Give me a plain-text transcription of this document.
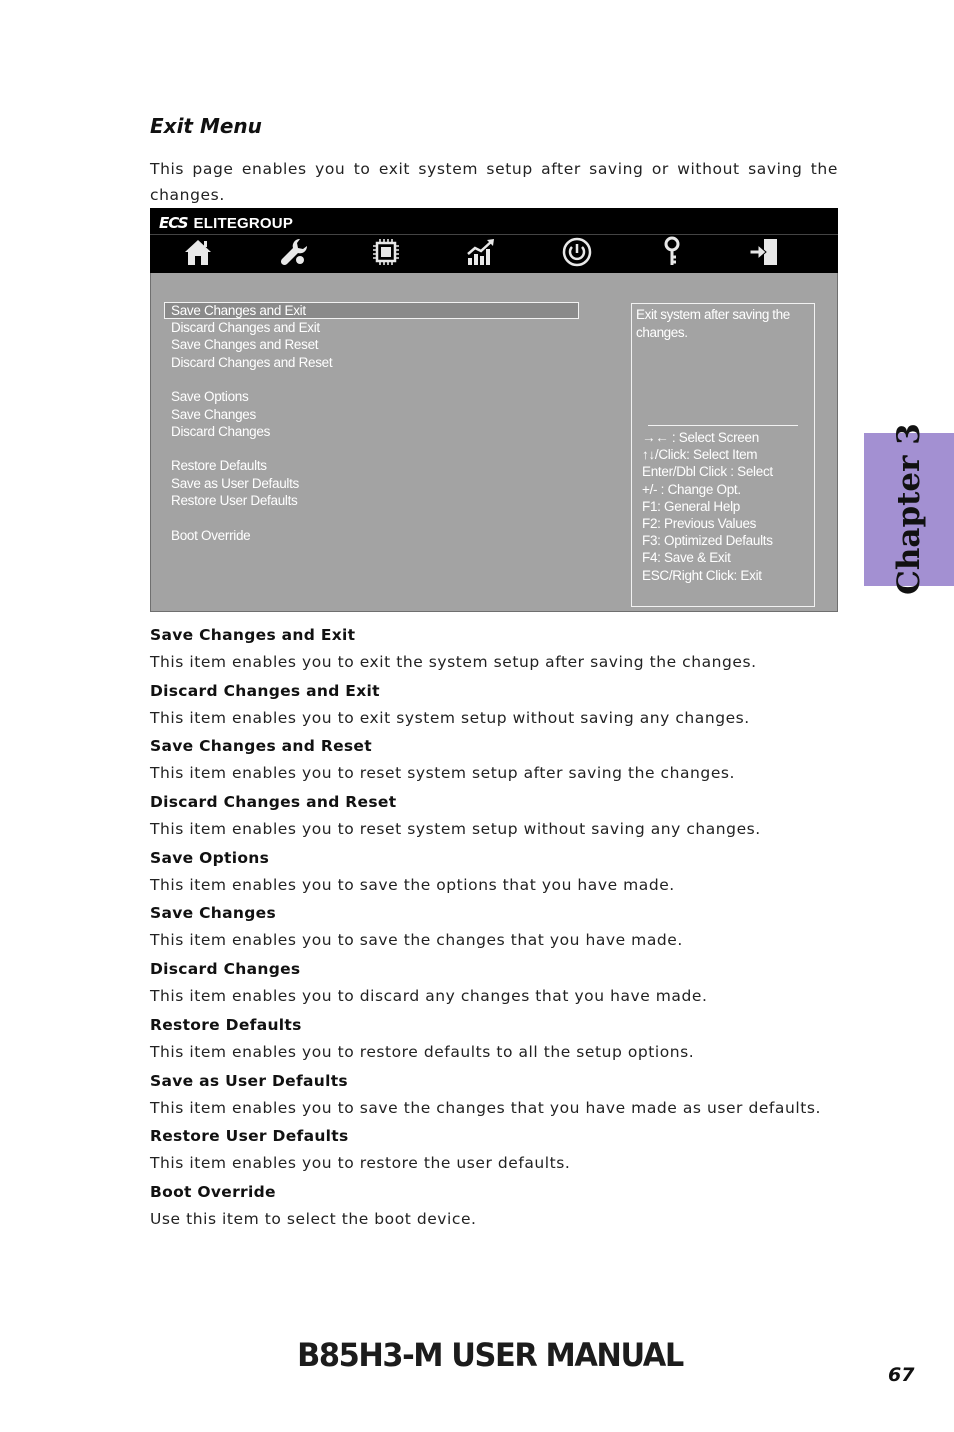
Exit Menu

This page enables you to exit system setup after saving or without saving the changes.

ECS ELITEGROUP
Save Changes and Exit
Discard Changes and Exit
Save Changes and Reset
Discard Changes and Reset
Save Options
Save Changes
Discard Changes
Restore Defaults
Save as User Defaults
Restore User Defaults
Boot Override
Exit system after saving the changes.
→← : Select Screen
↑↓/Click: Select Item
Enter/Dbl Click : Select
+/- : Change Opt.
F1: General Help
F2: Previous Values
F3: Optimized Defaults
F4: Save & Exit
ESC/Right Click: Exit
Save Changes and Exit
This item enables you to exit the system setup after saving the changes.
Discard Changes and Exit
This item enables you to exit system setup without saving any changes.
Save Changes and Reset
This item enables you to reset system setup after saving the changes.
Discard Changes and Reset
This item enables you to reset system setup without saving any changes.
Save Options
This item enables you to save the options that you have made.
Save Changes
This item enables you to save the changes that you have made.
Discard Changes
This item enables you to discard any changes that you have made.
Restore Defaults
This item enables you to restore defaults to all the setup options.
Save as User Defaults
This item enables you to save the changes that you have made as user defaults.
Restore User Defaults
This item enables you to restore the user defaults.
Boot Override
Use this item to select the boot device.
Chapter 3
B85H3-M USER MANUAL
67
